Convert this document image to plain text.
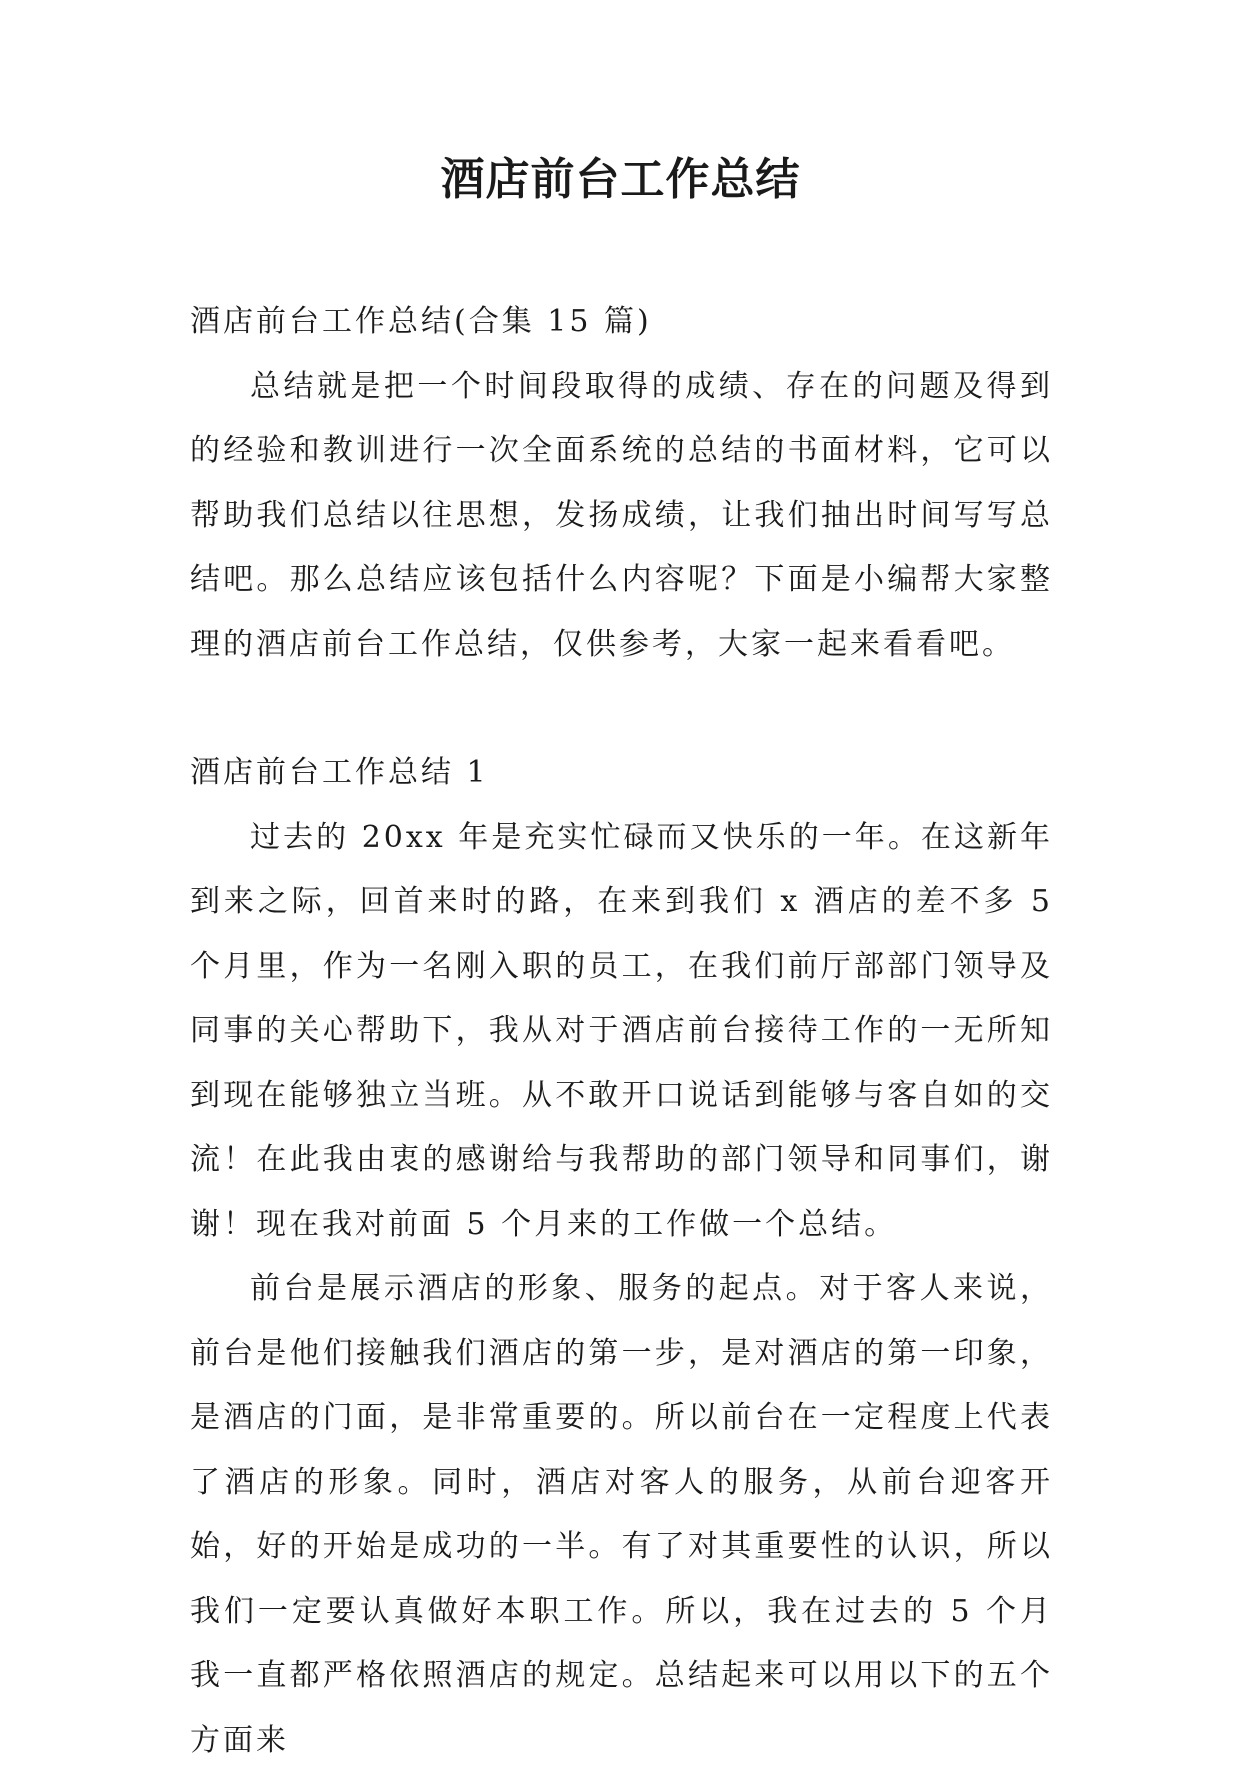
酒店前台工作总结

酒店前台工作总结(合集 15 篇)

总结就是把一个时间段取得的成绩、存在的问题及得到的经验和教训进行一次全面系统的总结的书面材料，它可以帮助我们总结以往思想，发扬成绩，让我们抽出时间写写总结吧。那么总结应该包括什么内容呢？下面是小编帮大家整理的酒店前台工作总结，仅供参考，大家一起来看看吧。

酒店前台工作总结 1

过去的 20xx 年是充实忙碌而又快乐的一年。在这新年到来之际，回首来时的路，在来到我们 x 酒店的差不多 5 个月里，作为一名刚入职的员工，在我们前厅部部门领导及同事的关心帮助下，我从对于酒店前台接待工作的一无所知到现在能够独立当班。从不敢开口说话到能够与客自如的交流！在此我由衷的感谢给与我帮助的部门领导和同事们，谢谢！现在我对前面 5 个月来的工作做一个总结。

前台是展示酒店的形象、服务的起点。对于客人来说，前台是他们接触我们酒店的第一步，是对酒店的第一印象，是酒店的门面，是非常重要的。所以前台在一定程度上代表了酒店的形象。同时，酒店对客人的服务，从前台迎客开始，好的开始是成功的一半。有了对其重要性的认识，所以我们一定要认真做好本职工作。所以，我在过去的 5 个月我一直都严格依照酒店的规定。总结起来可以用以下的五个方面来
